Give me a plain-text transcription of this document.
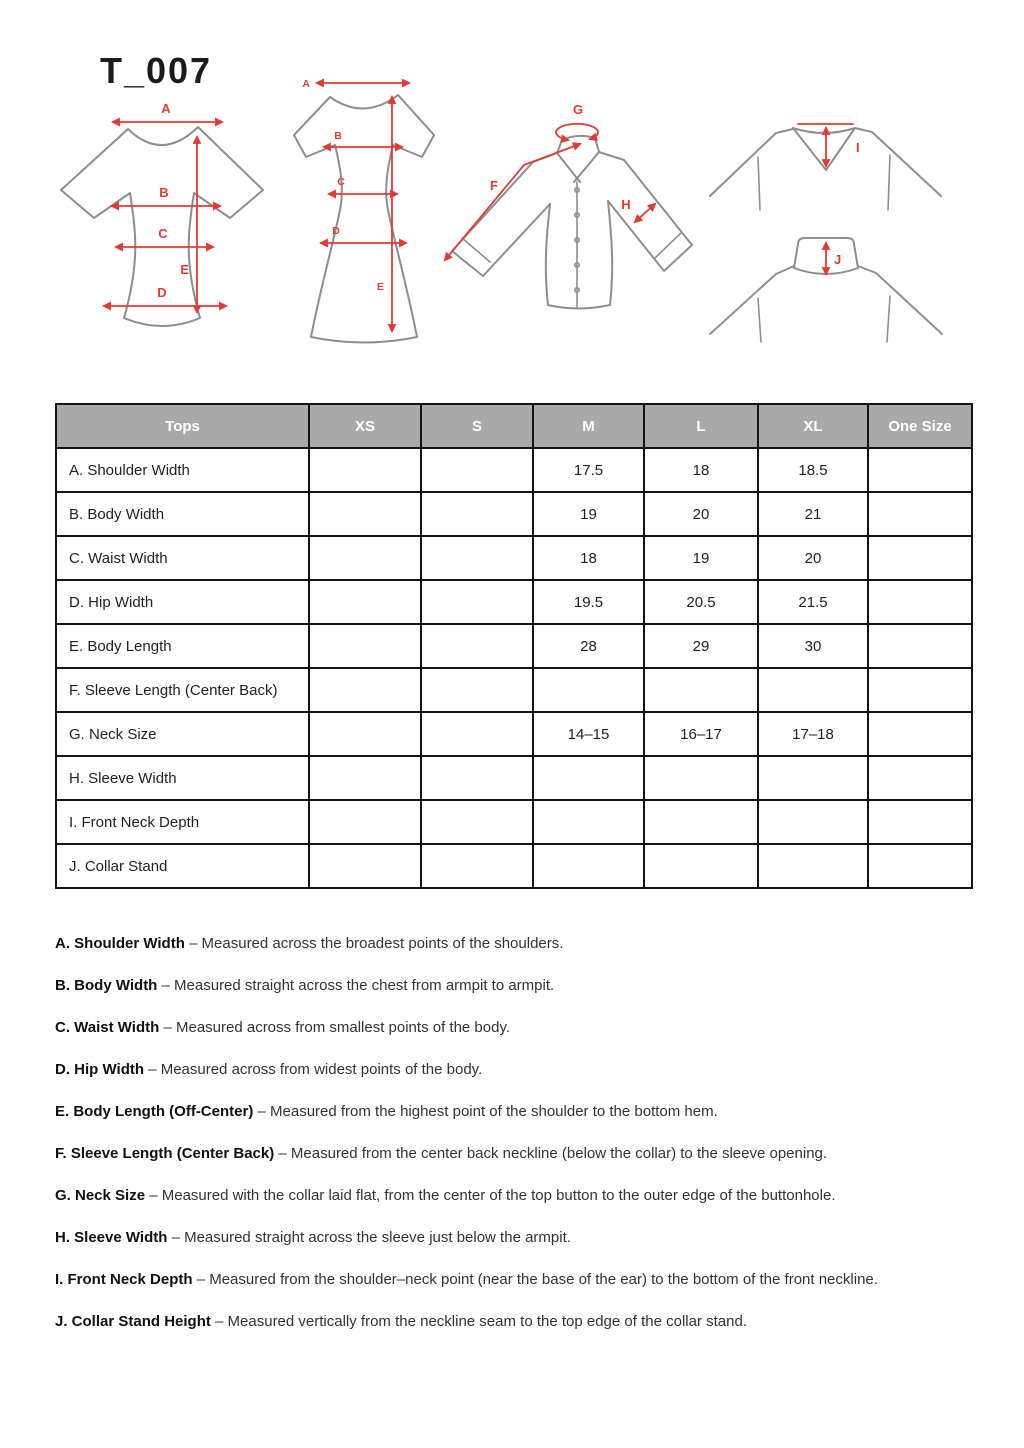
T_007
A
B
C
D
E
A
B
C
D
E
G
F
H
I
J
Tops	XS	S	M	L	XL	One Size
A. Shoulder Width			17.5	18	18.5	
B. Body Width			19	20	21	
C. Waist Width			18	19	20	
D. Hip Width			19.5	20.5	21.5	
E. Body Length			28	29	30	
F. Sleeve Length (Center Back)						
G. Neck Size			14–15	16–17	17–18	
H. Sleeve Width						
I. Front Neck Depth						
J. Collar Stand						

A. Shoulder Width – Measured across the broadest points of the shoulders.

B. Body Width – Measured straight across the chest from armpit to armpit.

C. Waist Width – Measured across from smallest points of the body.

D. Hip Width – Measured across from widest points of the body.

E. Body Length (Off-Center) – Measured from the highest point of the shoulder to the bottom hem.

F. Sleeve Length (Center Back) – Measured from the center back neckline (below the collar) to the sleeve opening.

G. Neck Size – Measured with the collar laid flat, from the center of the top button to the outer edge of the buttonhole.

H. Sleeve Width – Measured straight across the sleeve just below the armpit.

I. Front Neck Depth – Measured from the shoulder–neck point (near the base of the ear) to the bottom of the front neckline.

J. Collar Stand Height – Measured vertically from the neckline seam to the top edge of the collar stand.
